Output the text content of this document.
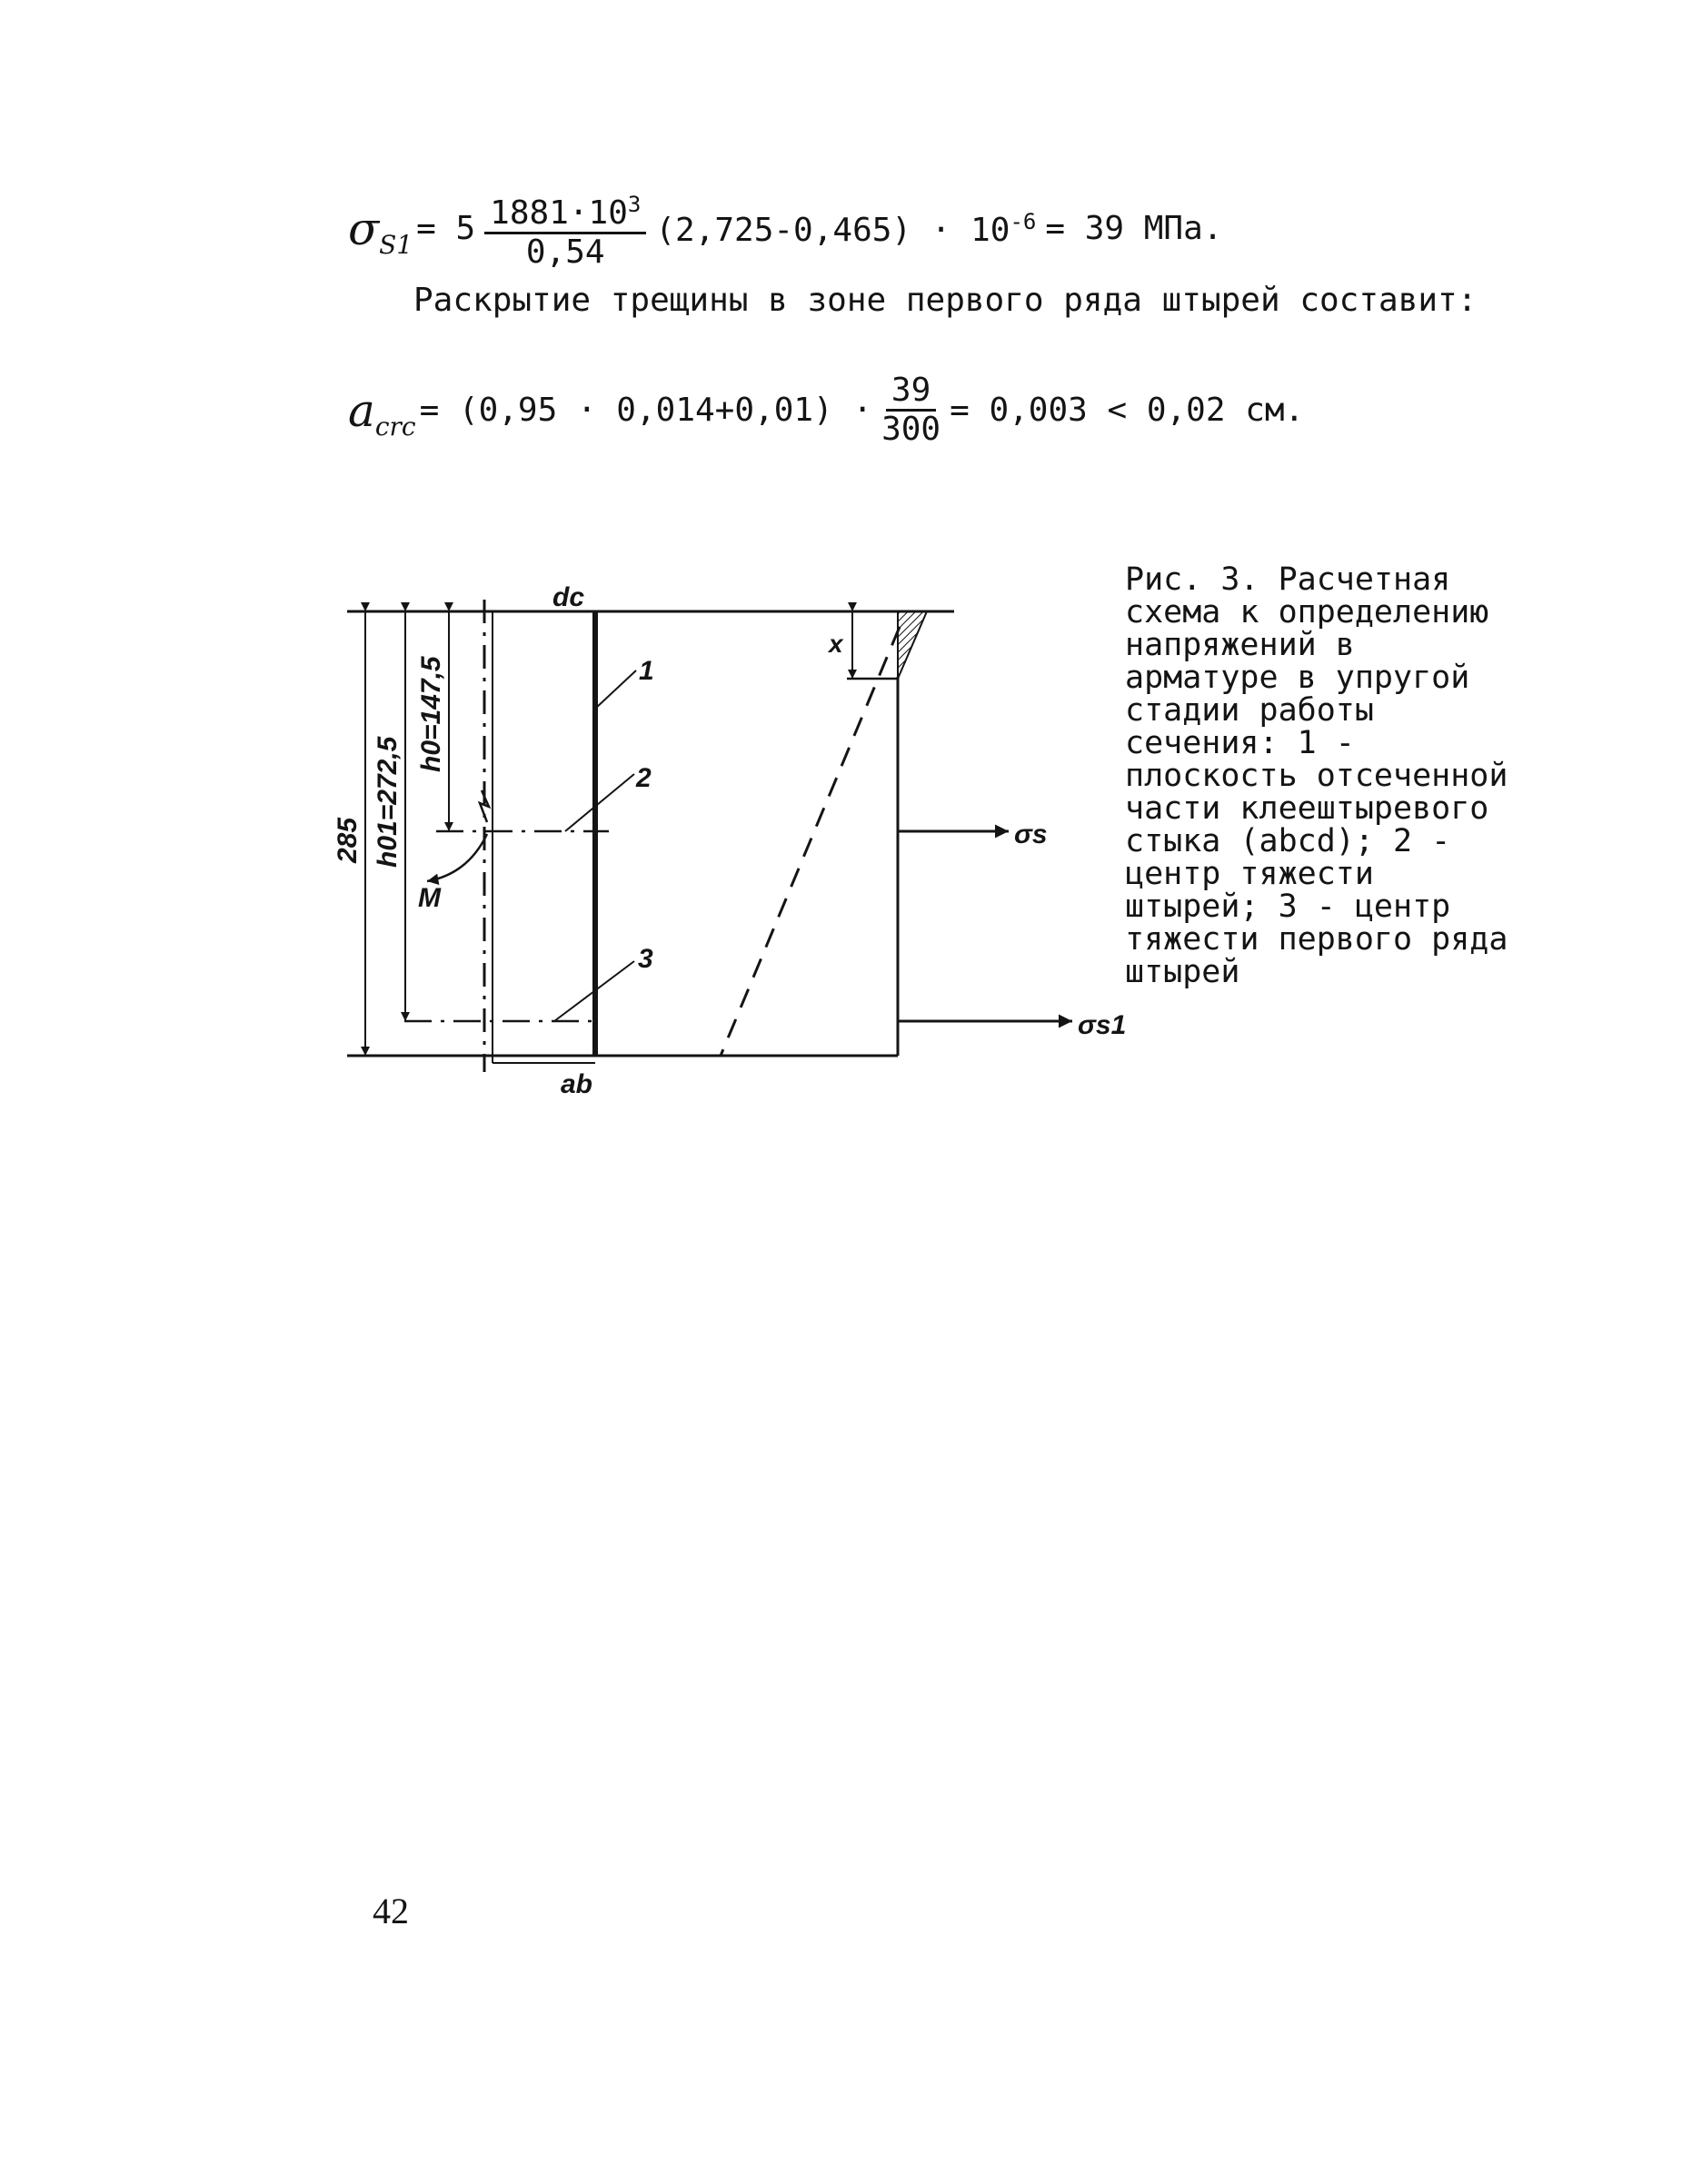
σ $S1 = 5 \frac{1881\cdot 10^3}{0,54} (2,725-0,465) \cdot 10^{-6} = 39$ МПа.

Раскрытие трещины в зоне первого ряда штырей составит:

a crc = $(0,95 \cdot 0,014+0,01) \cdot \frac{39}{300} = 0,003 < 0,02$ см.
dc
ab
1
2
3
x
M
σs
σs1
285 h01=272,5
h0=147,5

Рис. 3. Расчетная схема к определению напряжений в арматуре в упругой стадии работы сечения: 1 - плоскость отсеченной части клеештыревого стыка (abcd); 2 - центр тяжести штырей; 3 - центр тяжести первого ряда штырей

42
